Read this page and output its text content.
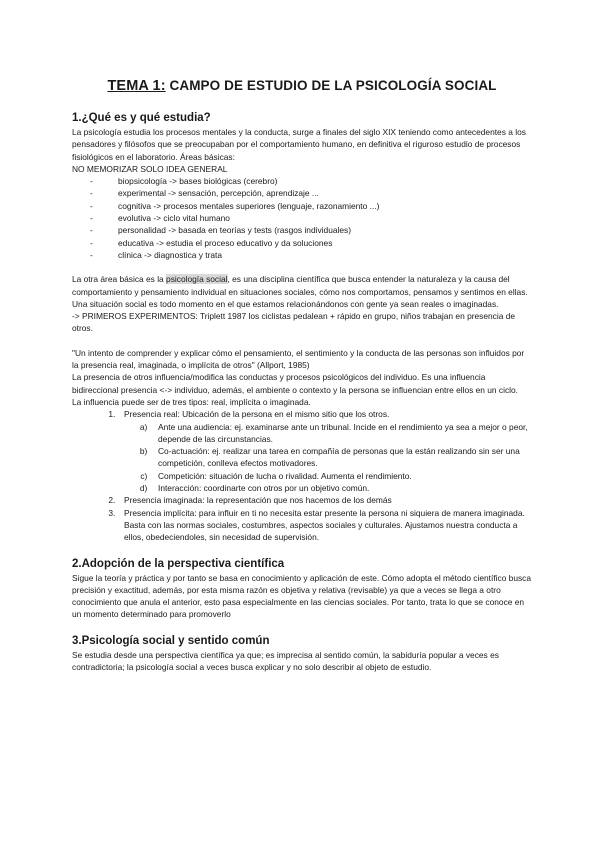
TEMA 1: CAMPO DE ESTUDIO DE LA PSICOLOGÍA SOCIAL
1.¿Qué es y qué estudia?

La psicología estudia los procesos mentales y la conducta, surge a finales del siglo XIX teniendo como antecedentes a los pensadores y filósofos que se preocupaban por el comportamiento humano, en definitiva el riguroso estudio de procesos fisiológicos en el laboratorio. Áreas básicas:

NO MEMORIZAR SOLO IDEA GENERAL

- biopsicología -> bases biológicas (cerebro)
- experimental -> sensación, percepción, aprendizaje ...
- cognitiva -> procesos mentales superiores (lenguaje, razonamiento ...)
- evolutiva -> ciclo vital humano
- personalidad -> basada en teorías y tests (rasgos individuales)
- educativa -> estudia el proceso educativo y da soluciones
- clínica -> diagnostica y trata

La otra área básica es la psicología social, es una disciplina científica que busca entender la naturaleza y la causa del comportamiento y pensamiento individual en situaciones sociales, cómo nos comportamos, pensamos y sentimos en ellas. Una situación social es todo momento en el que estamos relacionándonos con gente ya sean reales o imaginadas.

-> PRIMEROS EXPERIMENTOS: Triplett 1987 los ciclistas pedalean + rápido en grupo, niños trabajan en presencia de otros.

"Un intento de comprender y explicar cómo el pensamiento, el sentimiento y la conducta de las personas son influidos por la presencia real, imaginada, o implícita de otros" (Allport, 1985)

La presencia de otros influencia/modifica las conductas y procesos psicológicos del individuo. Es una influencia bidireccional presencia <-> individuo, además, el ambiente o contexto y la persona se influencian entre ellos en un ciclo.

La influencia puede ser de tres tipos: real, implícita o imaginada.

1. Presencia real: Ubicación de la persona en el mismo sitio que los otros.
a. Ante una audiencia: ej. examinarse ante un tribunal. Incide en el rendimiento ya sea a mejor o peor, depende de las circunstancias.
b. Co-actuación: ej. realizar una tarea en compañía de personas que la están realizando sin ser una competición, conlleva efectos motivadores.
c. Competición: situación de lucha o rivalidad. Aumenta el rendimiento.
d. Interacción: coordinarte con otros por un objetivo común.
2. Presencia imaginada: la representación que nos hacemos de los demás
3. Presencia implícita: para influir en ti no necesita estar presente la persona ni siquiera de manera imaginada. Basta con las normas sociales, costumbres, aspectos sociales y culturales. Ajustamos nuestra conducta a ellos, obedeciendoles, sin necesidad de supervisión.
2.Adopción de la perspectiva científica

Sigue la teoría y práctica y por tanto se basa en conocimiento y aplicación de este. Cómo adopta el método científico busca precisión y exactitud, además, por esta misma razón es objetiva y relativa (revisable) ya que a veces se llega a otro conocimiento que anula el anterior, esto pasa especialmente en las ciencias sociales. Por tanto, trata lo que se conoce en un momento determinado para promoverlo

3.Psicología social y sentido común

Se estudia desde una perspectiva científica ya que; es imprecisa al sentido común, la sabiduría popular a veces es contradictoria; la psicología social a veces busca explicar y no solo describir al objeto de estudio.
